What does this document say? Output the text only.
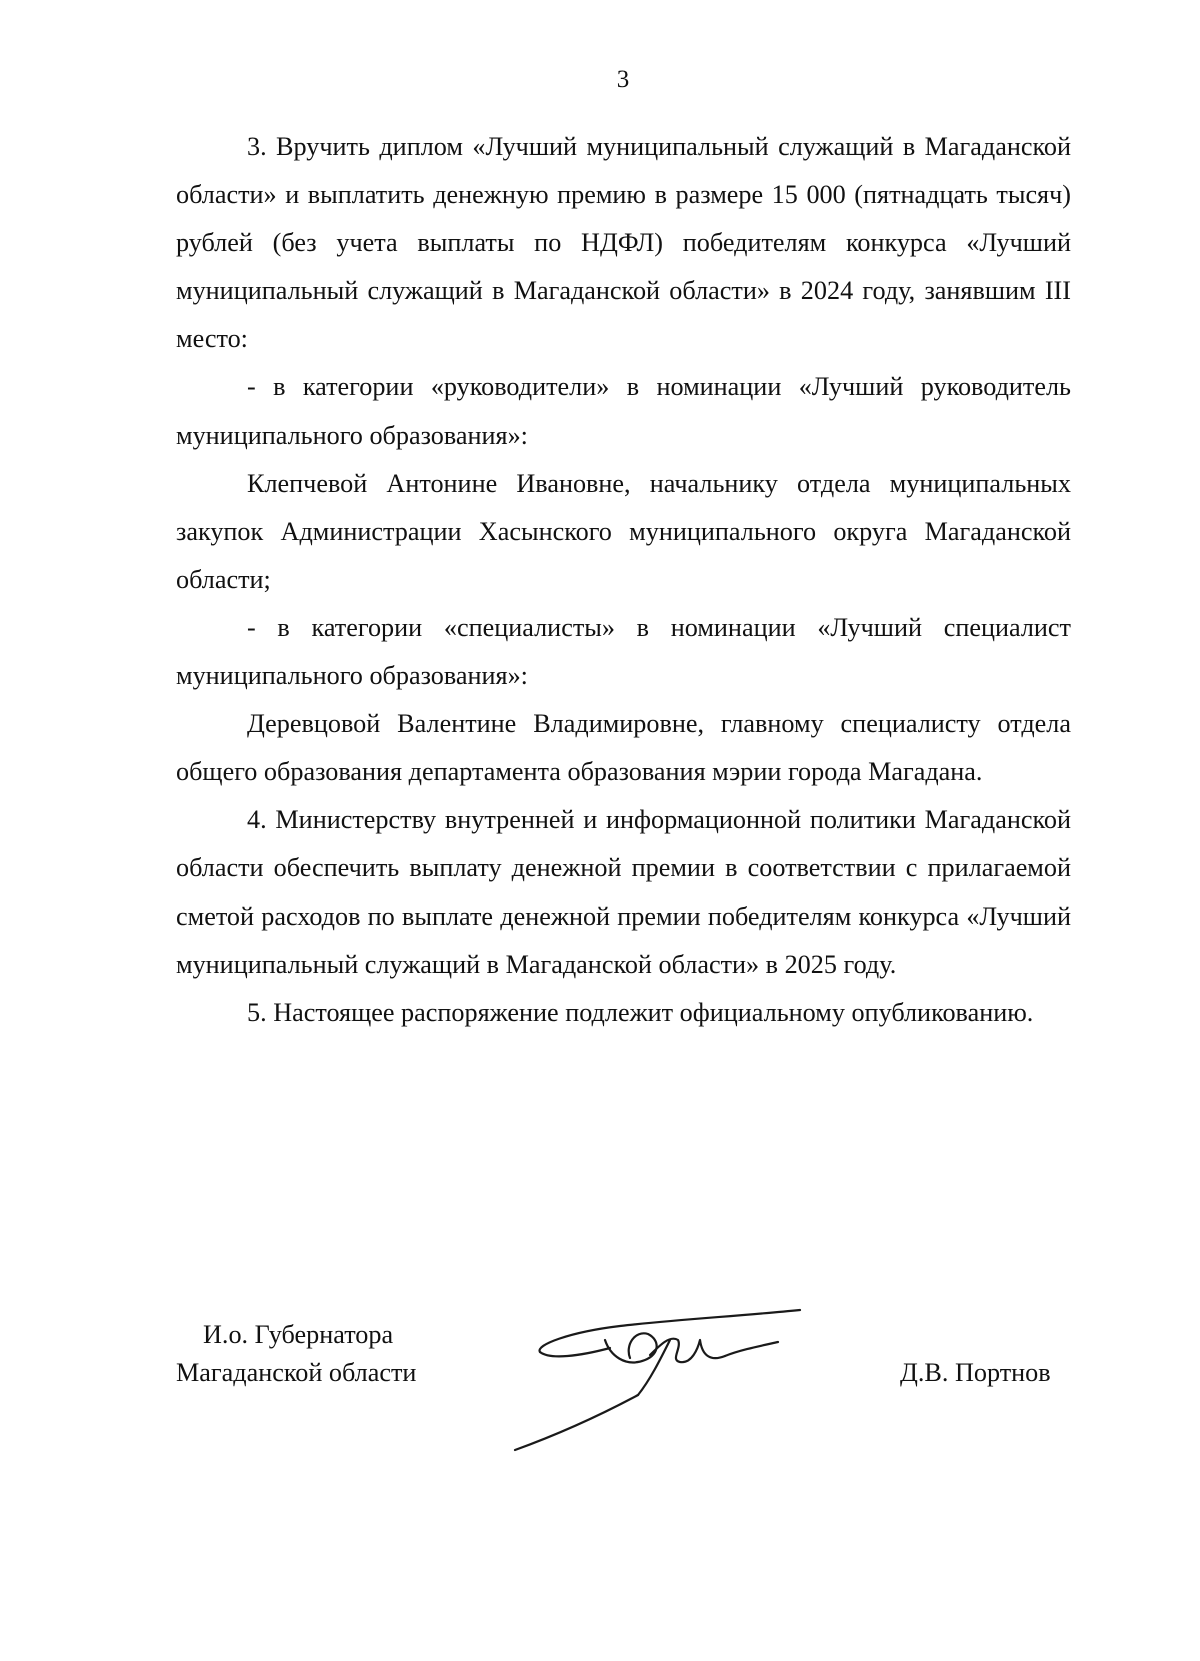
3

3. Вручить диплом «Лучший муниципальный служащий в Магаданской области» и выплатить денежную премию в размере 15 000 (пятнадцать тысяч) рублей (без учета выплаты по НДФЛ) победителям конкурса «Лучший муниципальный служащий в Магаданской области» в 2024 году, занявшим III место:

- в категории «руководители» в номинации «Лучший руководитель муниципального образования»:

Клепчевой Антонине Ивановне, начальнику отдела муниципальных закупок Администрации Хасынского муниципального округа Магаданской области;

- в категории «специалисты» в номинации «Лучший специалист муниципального образования»:

Деревцовой Валентине Владимировне, главному специалисту отдела общего образования департамента образования мэрии города Магадана.

4. Министерству внутренней и информационной политики Магаданской области обеспечить выплату денежной премии в соответствии с прилагаемой сметой расходов по выплате денежной премии победителям конкурса «Лучший муниципальный служащий в Магаданской области» в 2025 году.

5. Настоящее распоряжение подлежит официальному опубликованию.

И.о. Губернатора
Магаданской области	Д.В. Портнов
